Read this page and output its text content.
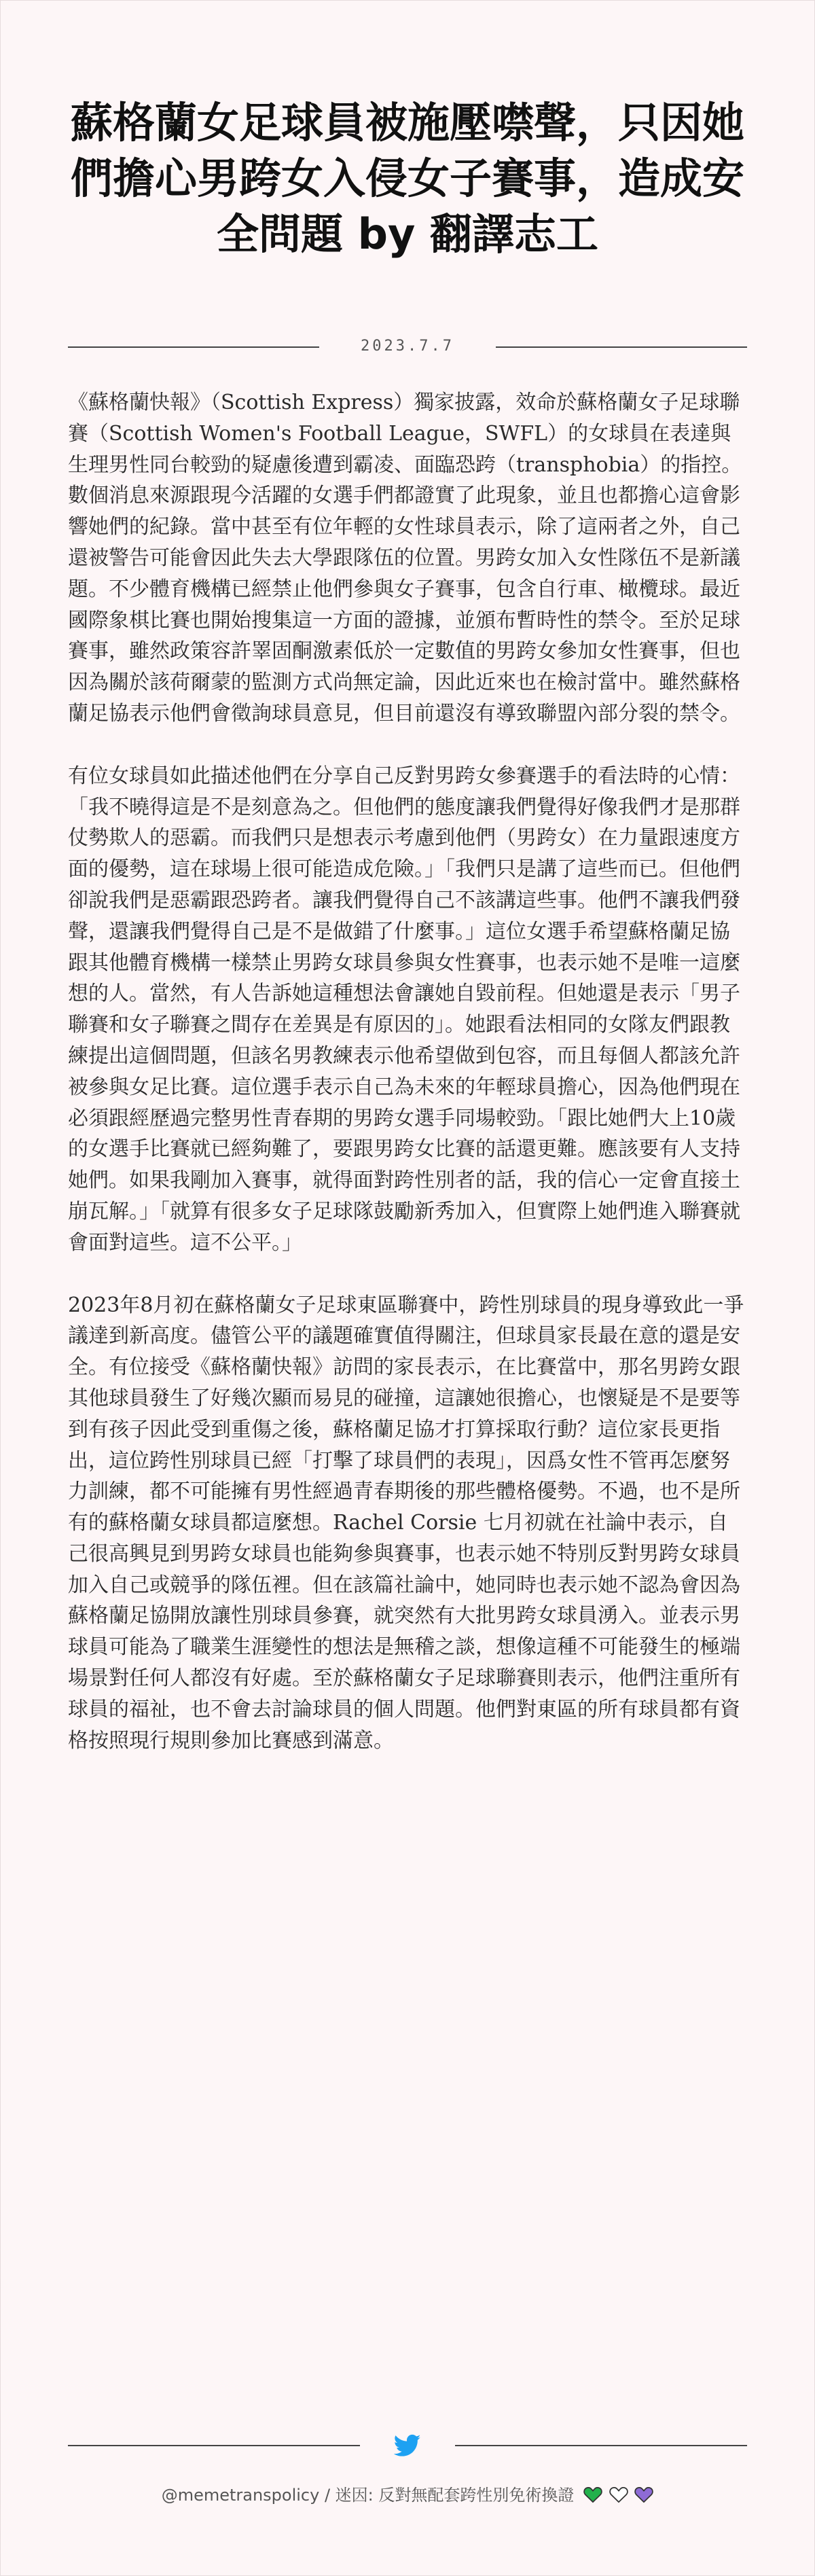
蘇格蘭女足球員被施壓噤聲，只因她們擔心男跨女入侵女子賽事，造成安全問題 by 翻譯志工
2023.7.7

《蘇格蘭快報》（Scottish Express）獨家披露，效命於蘇格蘭女子足球聯賽（Scottish Women's Football League，SWFL）的女球員在表達與生理男性同台較勁的疑慮後遭到霸凌、面臨恐跨（transphobia）的指控。數個消息來源跟現今活躍的女選手們都證實了此現象，並且也都擔心這會影響她們的紀錄。當中甚至有位年輕的女性球員表示，除了這兩者之外，自己還被警告可能會因此失去大學跟隊伍的位置。男跨女加入女性隊伍不是新議題。不少體育機構已經禁止他們參與女子賽事，包含自行車、橄欖球。最近國際象棋比賽也開始搜集這一方面的證據，並頒布暫時性的禁令。至於足球賽事，雖然政策容許睪固酮激素低於一定數值的男跨女參加女性賽事，但也因為關於該荷爾蒙的監測方式尚無定論，因此近來也在檢討當中。雖然蘇格蘭足協表示他們會徵詢球員意見，但目前還沒有導致聯盟內部分裂的禁令。

有位女球員如此描述他們在分享自己反對男跨女參賽選手的看法時的心情：「我不曉得這是不是刻意為之。但他們的態度讓我們覺得好像我們才是那群仗勢欺人的惡霸。而我們只是想表示考慮到他們（男跨女）在力量跟速度方面的優勢，這在球場上很可能造成危險。」「我們只是講了這些而已。但他們卻說我們是惡霸跟恐跨者。讓我們覺得自己不該講這些事。他們不讓我們發聲，還讓我們覺得自己是不是做錯了什麼事。」這位女選手希望蘇格蘭足協跟其他體育機構一樣禁止男跨女球員參與女性賽事，也表示她不是唯一這麼想的人。當然，有人告訴她這種想法會讓她自毀前程。但她還是表示「男子聯賽和女子聯賽之間存在差異是有原因的」。她跟看法相同的女隊友們跟教練提出這個問題，但該名男教練表示他希望做到包容，而且每個人都該允許被參與女足比賽。這位選手表示自己為未來的年輕球員擔心，因為他們現在必須跟經歷過完整男性青春期的男跨女選手同場較勁。「跟比她們大上10歲的女選手比賽就已經夠難了，要跟男跨女比賽的話還更難。應該要有人支持她們。如果我剛加入賽事，就得面對跨性別者的話，我的信心一定會直接土崩瓦解。」「就算有很多女子足球隊鼓勵新秀加入，但實際上她們進入聯賽就會面對這些。這不公平。」

2023年8月初在蘇格蘭女子足球東區聯賽中，跨性別球員的現身導致此一爭議達到新高度。儘管公平的議題確實值得關注，但球員家長最在意的還是安全。有位接受《蘇格蘭快報》訪問的家長表示，在比賽當中，那名男跨女跟其他球員發生了好幾次顯而易見的碰撞，這讓她很擔心，也懷疑是不是要等到有孩子因此受到重傷之後，蘇格蘭足協才打算採取行動？這位家長更指出，這位跨性別球員已經「打擊了球員們的表現」，因爲女性不管再怎麼努力訓練，都不可能擁有男性經過青春期後的那些體格優勢。不過，也不是所有的蘇格蘭女球員都這麼想。Rachel Corsie 七月初就在社論中表示，自己很高興見到男跨女球員也能夠參與賽事，也表示她不特別反對男跨女球員加入自己或競爭的隊伍裡。但在該篇社論中，她同時也表示她不認為會因為蘇格蘭足協開放讓性別球員參賽，就突然有大批男跨女球員湧入。並表示男球員可能為了職業生涯變性的想法是無稽之談，想像這種不可能發生的極端場景對任何人都沒有好處。至於蘇格蘭女子足球聯賽則表示，他們注重所有球員的福祉，也不會去討論球員的個人問題。他們對東區的所有球員都有資格按照現行規則參加比賽感到滿意。

@memetranspolicy / 迷因: 反對無配套跨性別免術換證
